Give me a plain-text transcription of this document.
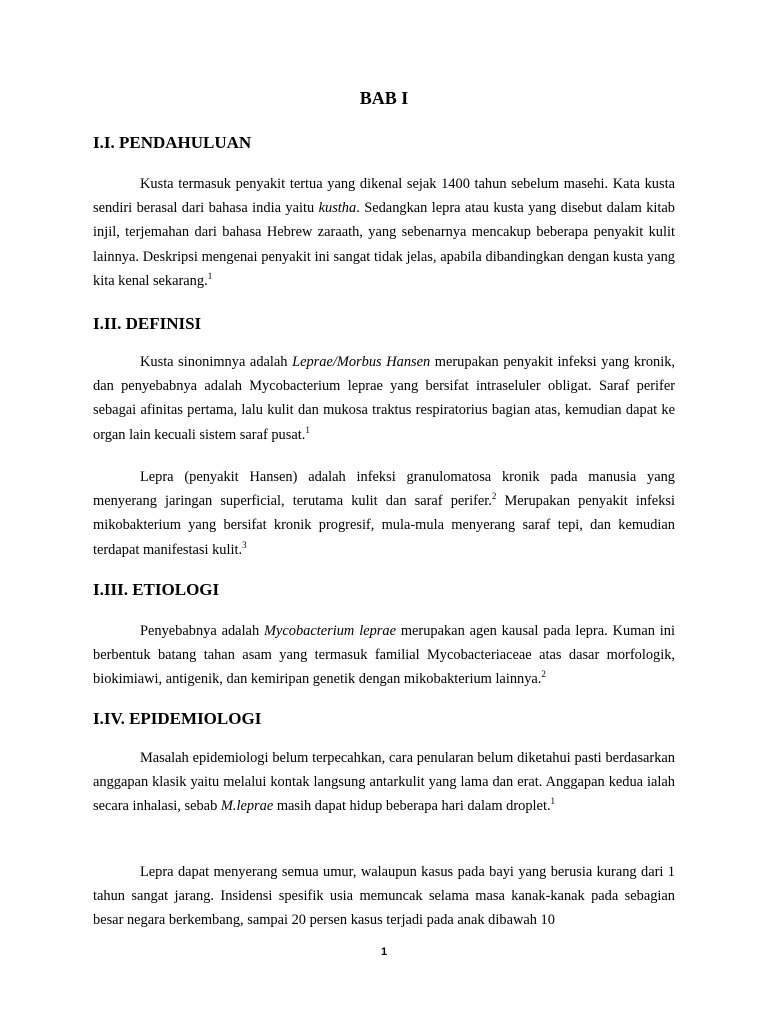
BAB I
I.I. PENDAHULUAN

Kusta termasuk penyakit tertua yang dikenal sejak 1400 tahun sebelum masehi. Kata kusta sendiri berasal dari bahasa india yaitu kustha. Sedangkan lepra atau kusta yang disebut dalam kitab injil, terjemahan dari bahasa Hebrew zaraath, yang sebenarnya mencakup beberapa penyakit kulit lainnya. Deskripsi mengenai penyakit ini sangat tidak jelas, apabila dibandingkan dengan kusta yang kita kenal sekarang.$^1$

I.II. DEFINISI

Kusta sinonimnya adalah Leprae/Morbus Hansen merupakan penyakit infeksi yang kronik, dan penyebabnya adalah Mycobacterium leprae yang bersifat intraseluler obligat. Saraf perifer sebagai afinitas pertama, lalu kulit dan mukosa traktus respiratorius bagian atas, kemudian dapat ke organ lain kecuali sistem saraf pusat.$^1$

Lepra (penyakit Hansen) adalah infeksi granulomatosa kronik pada manusia yang menyerang jaringan superficial, terutama kulit dan saraf perifer.$^2$ Merupakan penyakit infeksi mikobakterium yang bersifat kronik progresif, mula-mula menyerang saraf tepi, dan kemudian terdapat manifestasi kulit.$^3$

I.III. ETIOLOGI

Penyebabnya adalah Mycobacterium leprae merupakan agen kausal pada lepra. Kuman ini berbentuk batang tahan asam yang termasuk familial Mycobacteriaceae atas dasar morfologik, biokimiawi, antigenik, dan kemiripan genetik dengan mikobakterium lainnya.$^2$

I.IV. EPIDEMIOLOGI

Masalah epidemiologi belum terpecahkan, cara penularan belum diketahui pasti berdasarkan anggapan klasik yaitu melalui kontak langsung antarkulit yang lama dan erat. Anggapan kedua ialah secara inhalasi, sebab M.leprae masih dapat hidup beberapa hari dalam droplet.$^1$

Lepra dapat menyerang semua umur, walaupun kasus pada bayi yang berusia kurang dari 1 tahun sangat jarang. Insidensi spesifik usia memuncak selama masa kanak-kanak pada sebagian besar negara berkembang, sampai 20 persen kasus terjadi pada anak dibawah 10

1
